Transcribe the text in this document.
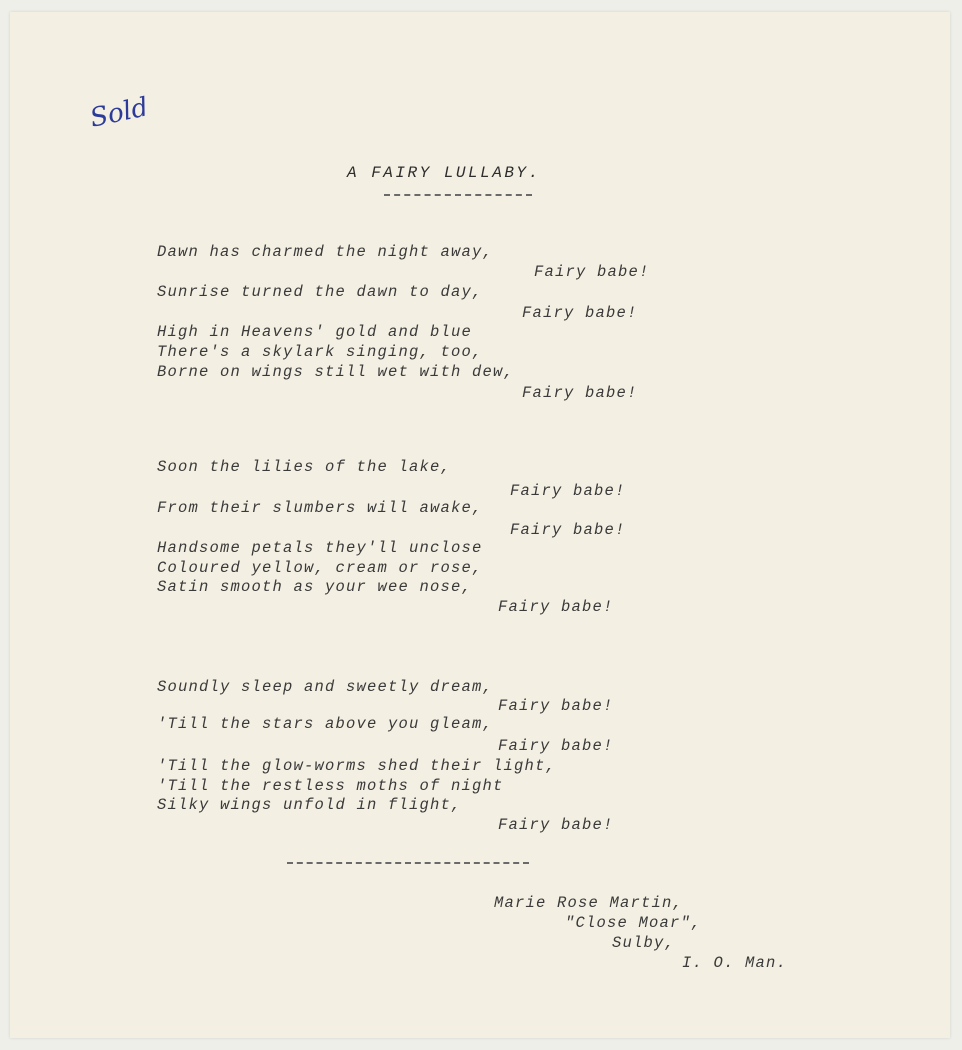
Sold
A FAIRY LULLABY.
Dawn has charmed the night away,
Fairy babe!
Sunrise turned the dawn to day,
Fairy babe!
High in Heavens' gold and blue
There's a skylark singing, too,
Borne on wings still wet with dew,
Fairy babe!
Soon the lilies of the lake,
Fairy babe!
From their slumbers will awake,
Fairy babe!
Handsome petals they'll unclose
Coloured yellow, cream or rose,
Satin smooth as your wee nose,
Fairy babe!
Soundly sleep and sweetly dream,
Fairy babe!
'Till the stars above you gleam,
Fairy babe!
'Till the glow-worms shed their light,
'Till the restless moths of night
Silky wings unfold in flight,
Fairy babe!
Marie Rose Martin,
"Close Moar",
Sulby,
I. O. Man.
